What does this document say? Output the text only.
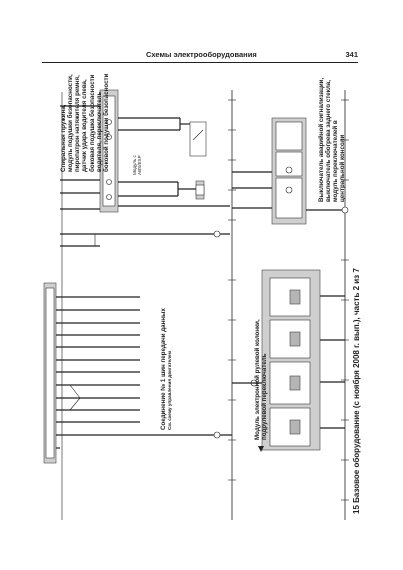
Схемы электрооборудования	341
Спиральная пружина, модуль подушки безопасности, пиропатрон натяжителя ремня, датчик удара водителя слева, боковая подушка безопасности водителя, переключатель боковой подушки безопасности	Модуль с ABS/ESP	Выключатель аварийной сигнализации, выключатель обогрева заднего стекла, модуль переключателей в центральной консоли
Соединение № 1 шин передачи данных Cм. схему управления двигателем	Модуль электронной рулевой колонки, подрулевой переключатель	15 Базовое оборудование (с ноября 2008 г. вып.), часть 2 из 7
